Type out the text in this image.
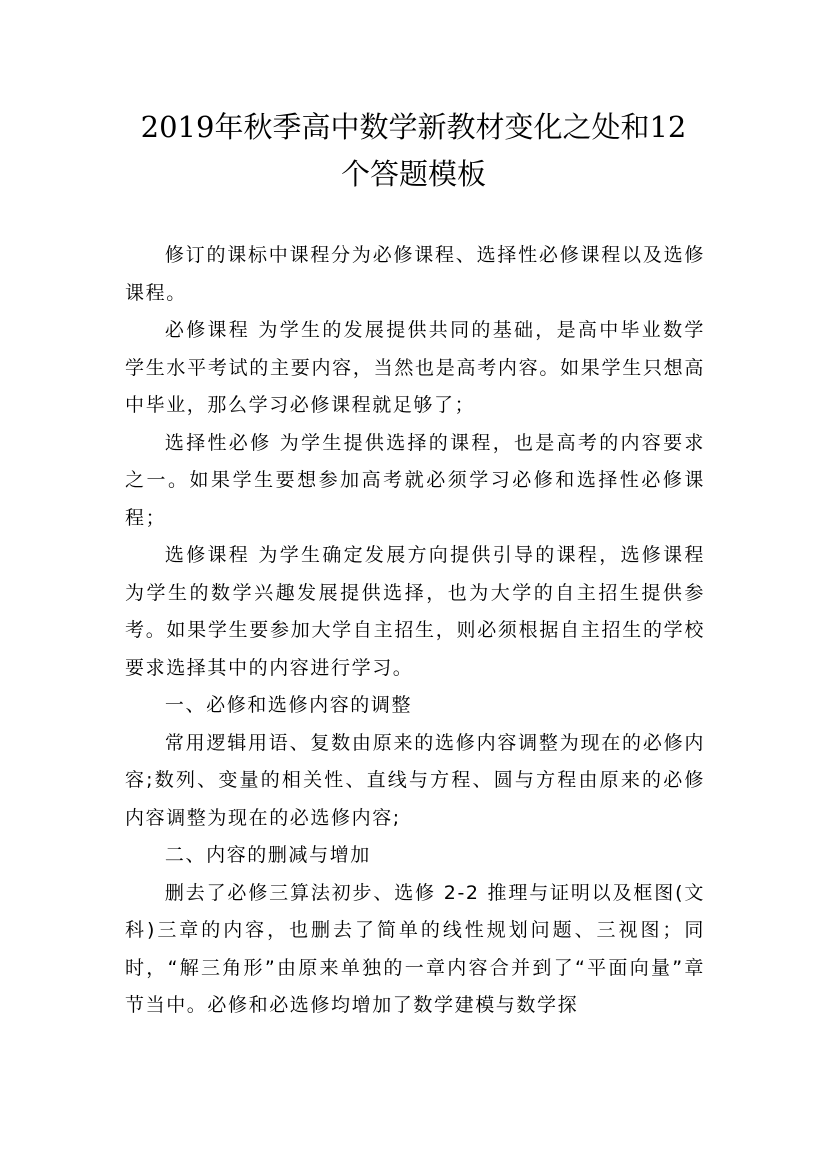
2019年秋季高中数学新教材变化之处和12
个答题模板

修订的课标中课程分为必修课程、选择性必修课程以及选修课程。

必修课程 为学生的发展提供共同的基础，是高中毕业数学学生水平考试的主要内容，当然也是高考内容。如果学生只想高中毕业，那么学习必修课程就足够了；

选择性必修 为学生提供选择的课程，也是高考的内容要求之一。如果学生要想参加高考就必须学习必修和选择性必修课程；

选修课程 为学生确定发展方向提供引导的课程，选修课程为学生的数学兴趣发展提供选择，也为大学的自主招生提供参考。如果学生要参加大学自主招生，则必须根据自主招生的学校要求选择其中的内容进行学习。

一、必修和选修内容的调整

常用逻辑用语、复数由原来的选修内容调整为现在的必修内容;数列、变量的相关性、直线与方程、圆与方程由原来的必修内容调整为现在的必选修内容;

二、内容的删减与增加

删去了必修三算法初步、选修 2-2 推理与证明以及框图(文科)三章的内容，也删去了简单的线性规划问题、三视图；同时，“解三角形”由原来单独的一章内容合并到了“平面向量”章节当中。必修和必选修均增加了数学建模与数学探
